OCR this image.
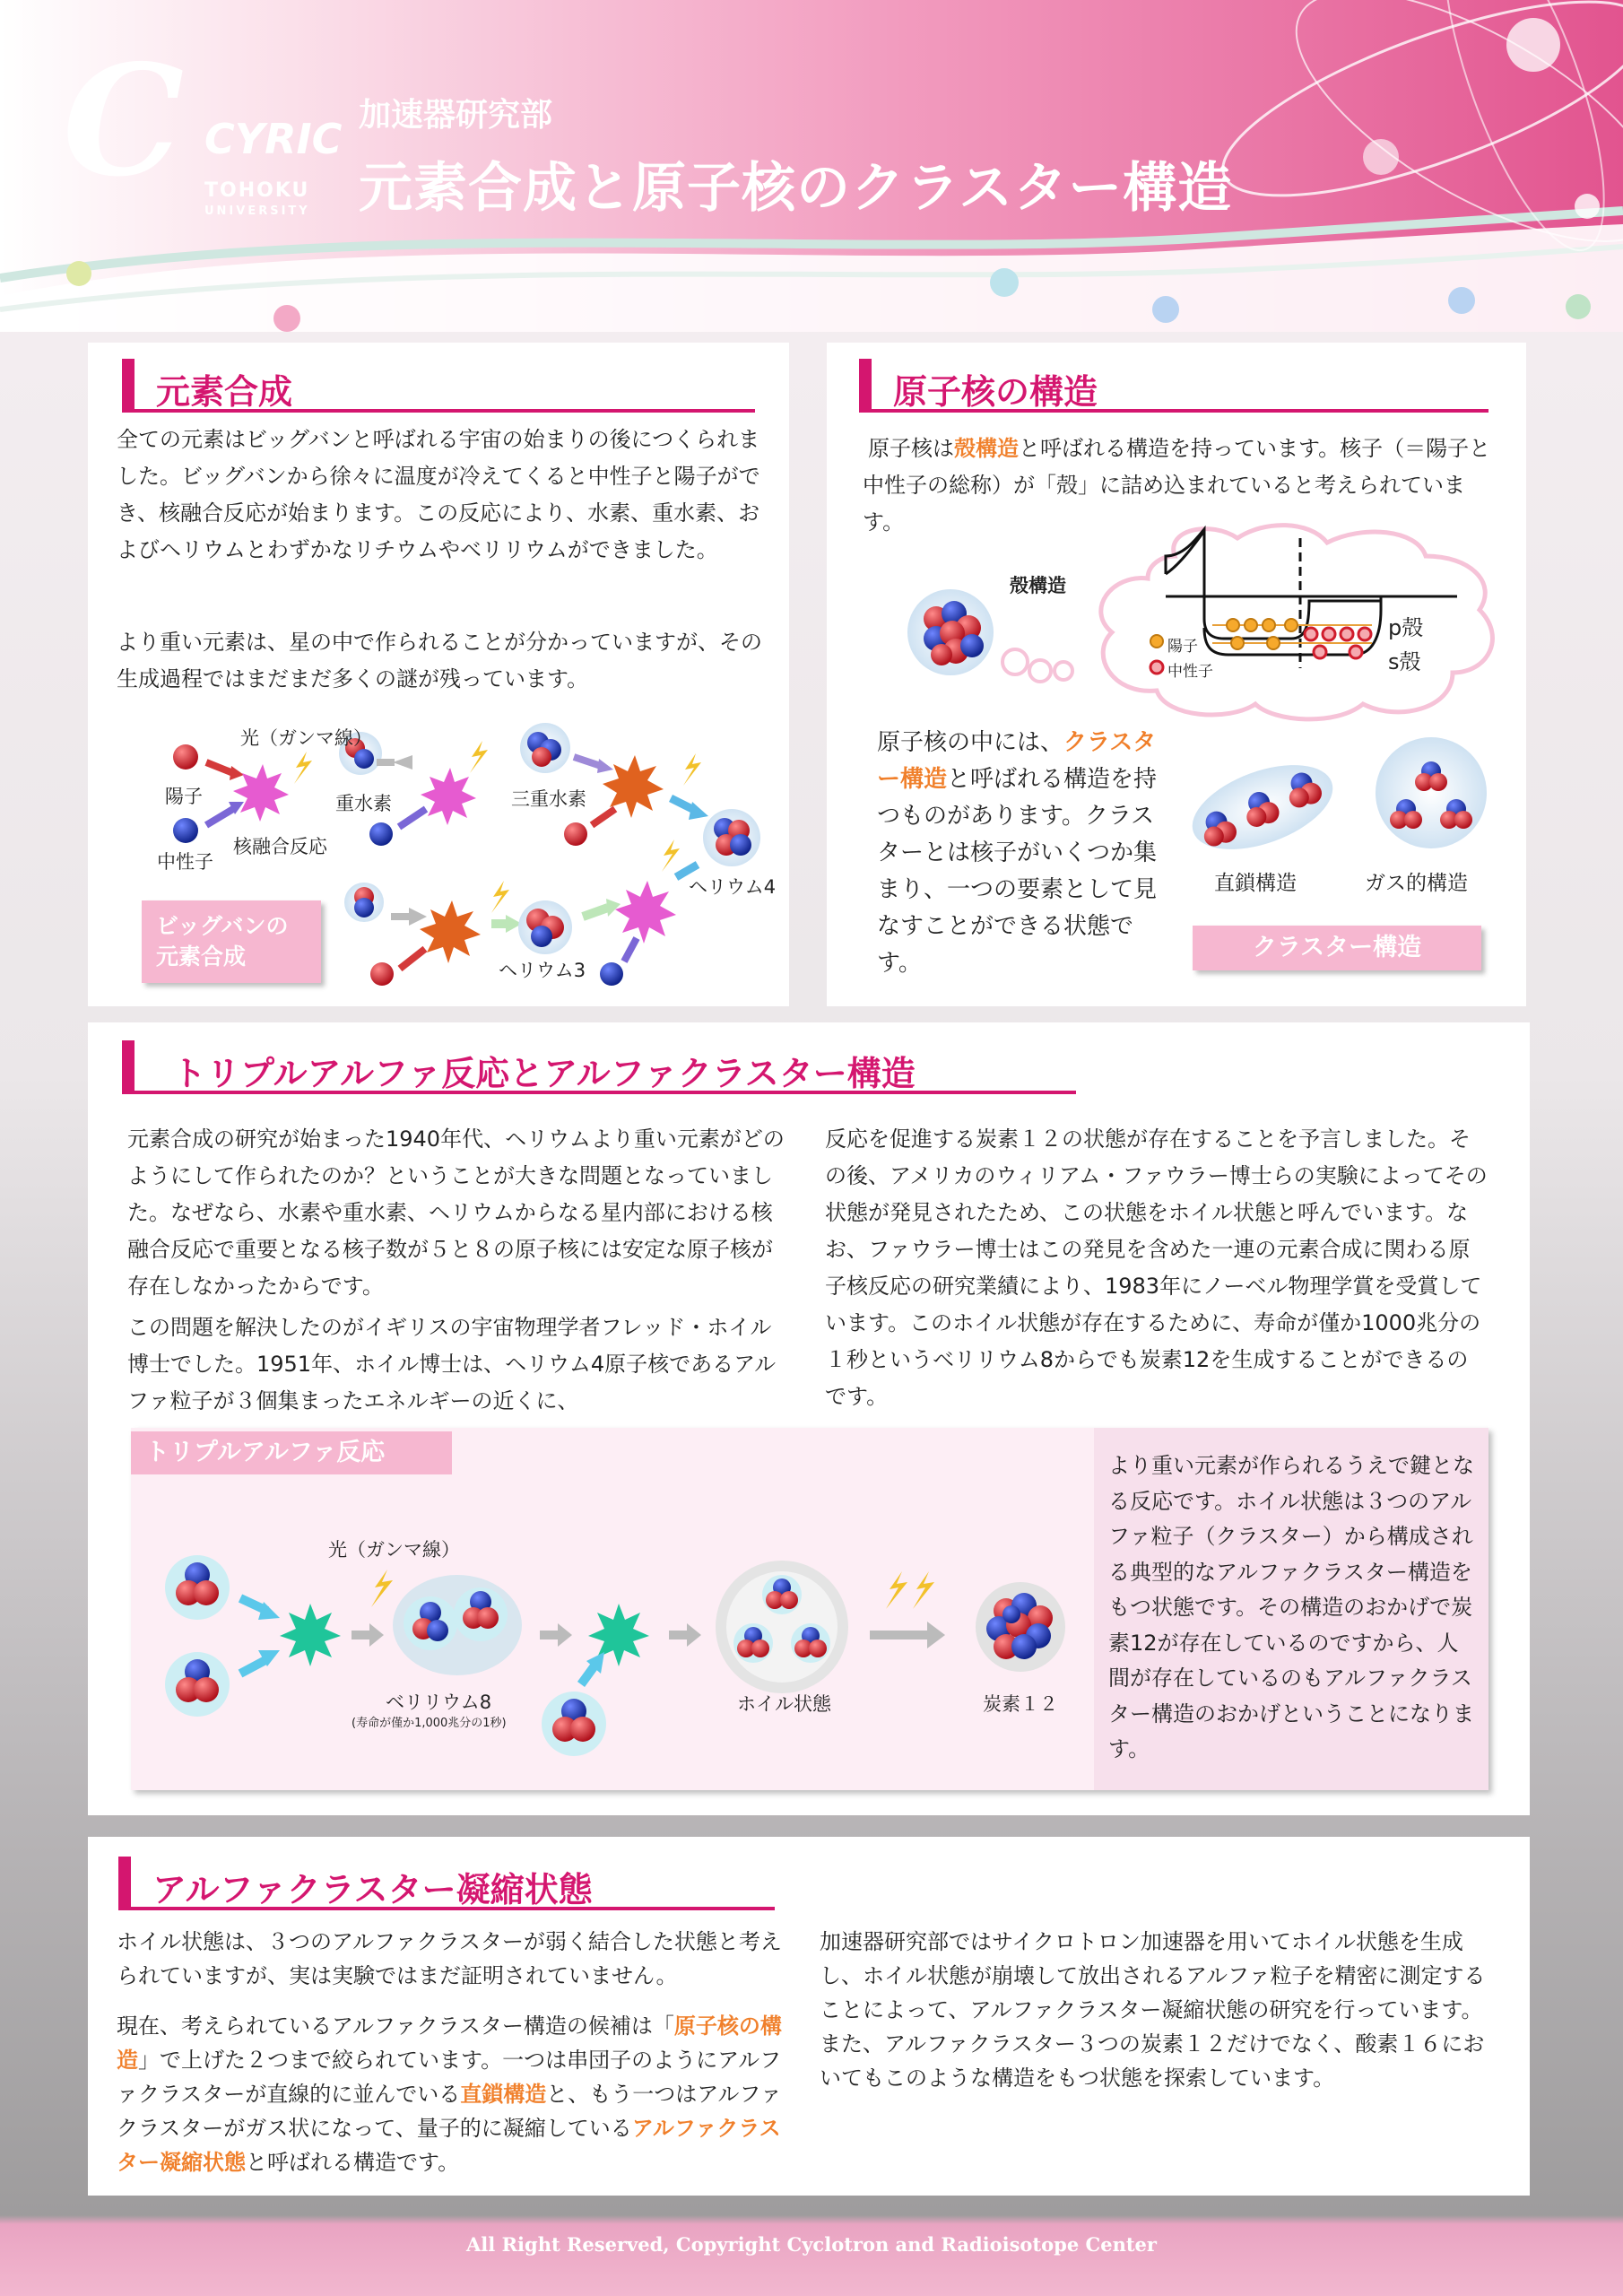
C CYRIC
TOHOKU
UNIVERSITY
加速器研究部
元素合成と原子核のクラスター構造
元素合成
全ての元素はビッグバンと呼ばれる宇宙の始まりの後につくられました。ビッグバンから徐々に温度が冷えてくると中性子と陽子ができ、核融合反応が始まります。この反応により、水素、重水素、およびヘリウムとわずかなリチウムやベリリウムができました。
より重い元素は、星の中で作られることが分かっていますが、その生成過程ではまだまだ多くの謎が残っています。
光（ガンマ線）
陽子
中性子
核融合反応
重水素	三重水素
ヘリウム4
ヘリウム3
ビッグバンの元素合成
原子核の構造
原子核は殻構造と呼ばれる構造を持っています。核子（＝陽子と中性子の総称）が「殻」に詰め込まれていると考えられています。
殻構造
陽子
中性子
p殻
s殻
原子核の中には、クラスター構造と呼ばれる構造を持つものがあります。クラスターとは核子がいくつか集まり、一つの要素として見なすことができる状態です。
直鎖構造	ガス的構造
クラスター構造
トリプルアルファ反応とアルファクラスター構造
元素合成の研究が始まった1940年代、ヘリウムより重い元素がどのようにして作られたのか？ということが大きな問題となっていました。なぜなら、水素や重水素、ヘリウムからなる星内部における核融合反応で重要となる核子数が５と８の原子核には安定な原子核が存在しなかったからです。
この問題を解決したのがイギリスの宇宙物理学者フレッド・ホイル博士でした。1951年、ホイル博士は、ヘリウム4原子核であるアルファ粒子が３個集まったエネルギーの近くに、
反応を促進する炭素１２の状態が存在することを予言しました。その後、アメリカのウィリアム・ファウラー博士らの実験によってその状態が発見されたため、この状態をホイル状態と呼んでいます。なお、ファウラー博士はこの発見を含めた一連の元素合成に関わる原子核反応の研究業績により、1983年にノーベル物理学賞を受賞しています。このホイル状態が存在するために、寿命が僅か1000兆分の１秒というベリリウム8からでも炭素12を生成することができるのです。
トリプルアルファ反応	より重い元素が作られるうえで鍵となる反応です。ホイル状態は３つのアルファ粒子（クラスター）から構成される典型的なアルファクラスター構造をもつ状態です。その構造のおかげで炭素12が存在しているのですから、人間が存在しているのもアルファクラスター構造のおかげということになります。
光（ガンマ線）
ベリリウム8
(寿命が僅か1,000兆分の1秒)
ホイル状態	炭素１２
アルファクラスター凝縮状態
ホイル状態は、３つのアルファクラスターが弱く結合した状態と考えられていますが、実は実験ではまだ証明されていません。
現在、考えられているアルファクラスター構造の候補は「原子核の構造」で上げた２つまで絞られています。一つは串団子のようにアルファクラスターが直線的に並んでいる直鎖構造と、もう一つはアルファクラスターがガス状になって、量子的に凝縮しているアルファクラスター凝縮状態と呼ばれる構造です。
加速器研究部ではサイクロトロン加速器を用いてホイル状態を生成し、ホイル状態が崩壊して放出されるアルファ粒子を精密に測定することによって、アルファクラスター凝縮状態の研究を行っています。また、アルファクラスター３つの炭素１２だけでなく、酸素１６においてもこのような構造をもつ状態を探索しています。
All Right Reserved, Copyright Cyclotron and Radioisotope Center
